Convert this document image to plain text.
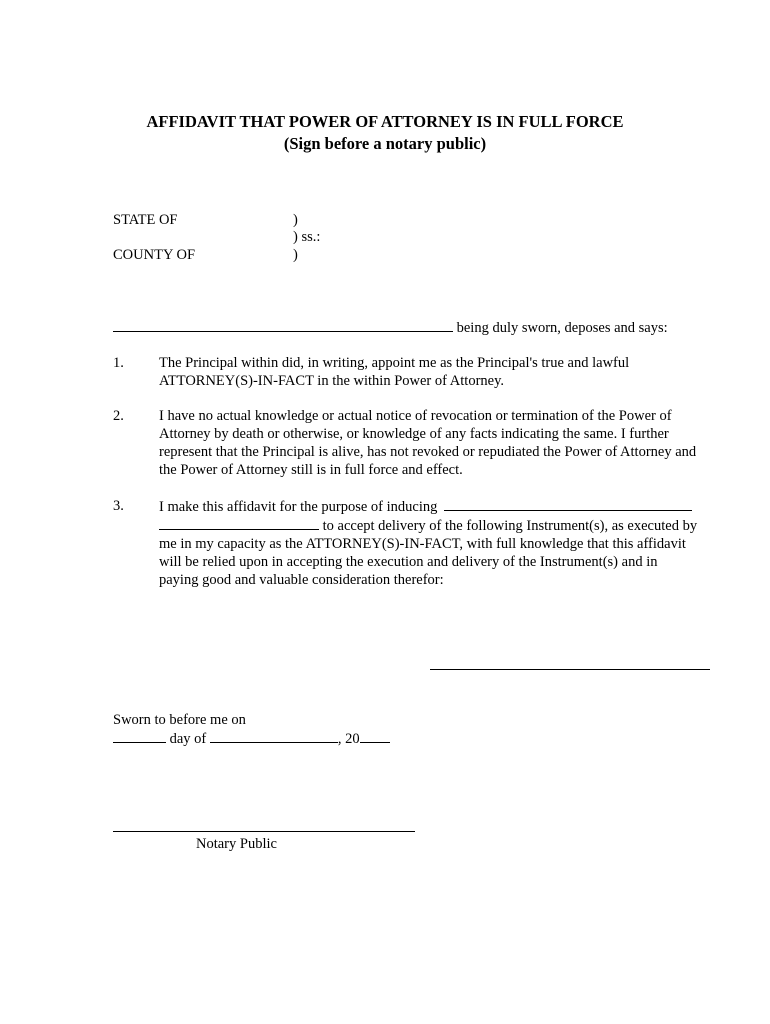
AFFIDAVIT THAT POWER OF ATTORNEY IS IN FULL FORCE
(Sign before a notary public)
STATE OF
COUNTY OF
)
) ss.:
)
being duly sworn, deposes and says:
1. The Principal within did, in writing, appoint me as the Principal's true and lawful
ATTORNEY(S)-IN-FACT in the within Power of Attorney.
2. I have no actual knowledge or actual notice of revocation or termination of the Power of
Attorney by death or otherwise, or knowledge of any facts indicating the same. I further
represent that the Principal is alive, has not revoked or repudiated the Power of Attorney and
the Power of Attorney still is in full force and effect.
3. I make this affidavit for the purpose of inducing
to accept delivery of the following Instrument(s), as executed by
me in my capacity as the ATTORNEY(S)-IN-FACT, with full knowledge that this affidavit
will be relied upon in accepting the execution and delivery of the Instrument(s) and in
paying good and valuable consideration therefor:
Sworn to before me on
day of	, 20
Notary Public
